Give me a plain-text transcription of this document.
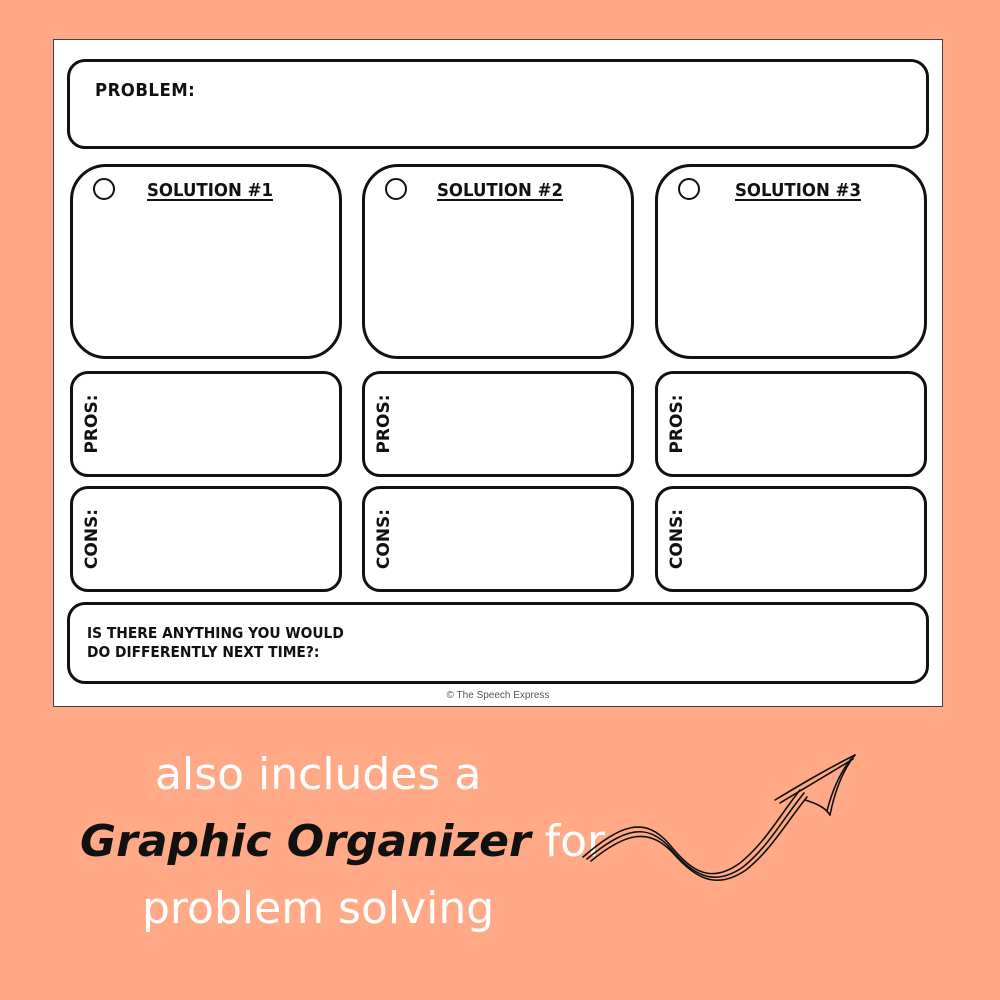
PROBLEM:
SOLUTION #1	SOLUTION #2	SOLUTION #3
PROS:	PROS:	PROS:
CONS:	CONS:	CONS:
IS THERE ANYTHING YOU WOULD
DO DIFFERENTLY NEXT TIME?:
© The Speech Express
also includes a
Graphic Organizer for
problem solving
